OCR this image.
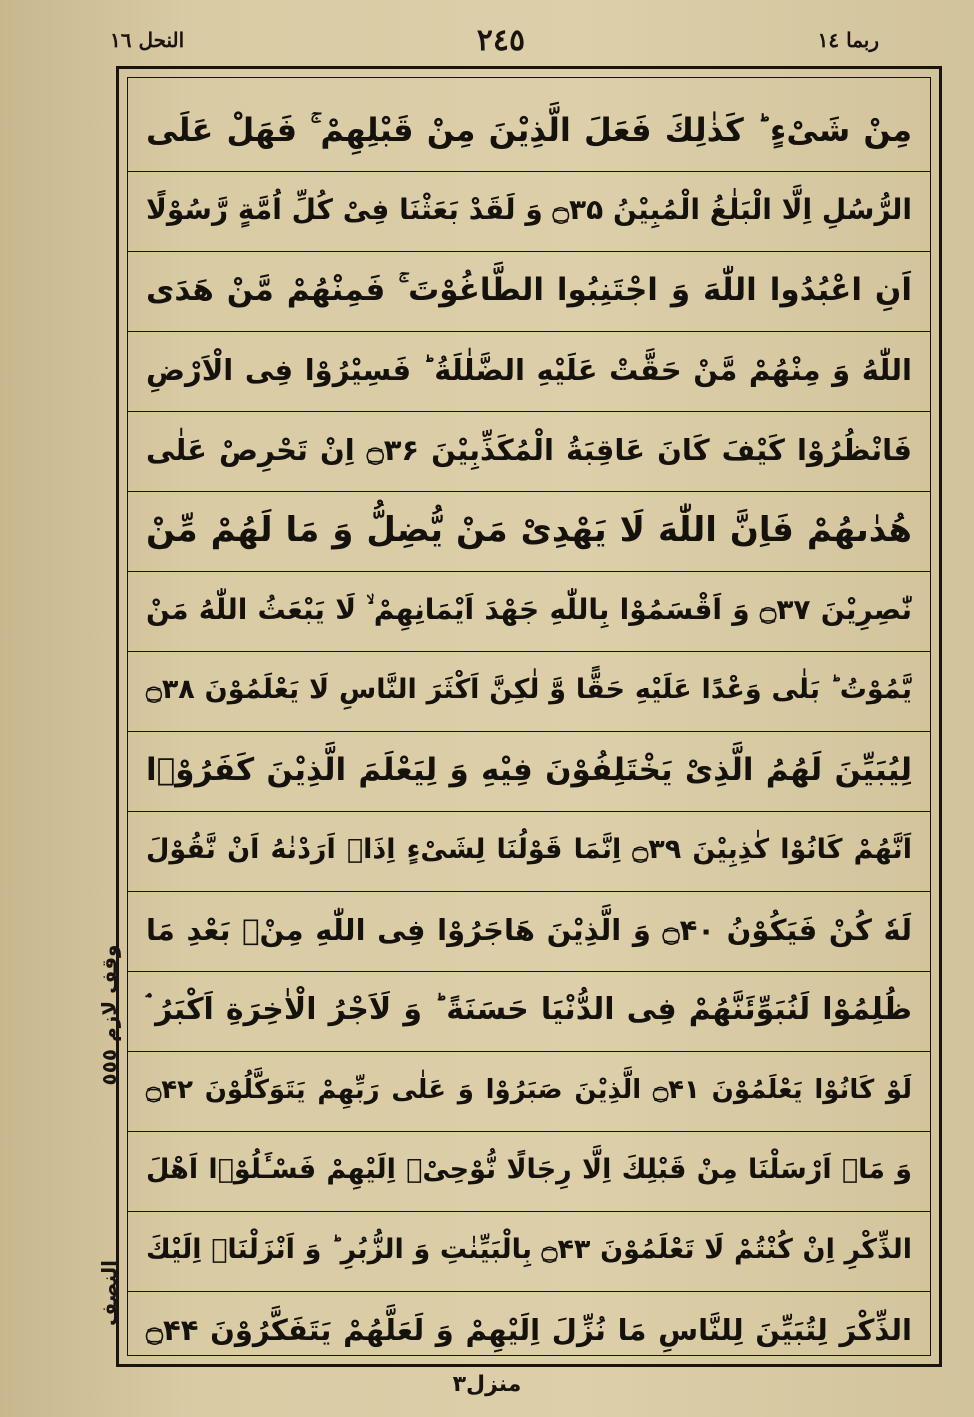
ربما ١٤
٢٤٥
النحل ١٦
مِنْ شَیْءٍ ؕ كَذٰلِكَ فَعَلَ الَّذِیْنَ مِنْ قَبْلِهِمْ ۚ فَهَلْ عَلَی
الرُّسُلِ اِلَّا الْبَلٰغُ الْمُبِیْنُ ۝۳۵ وَ لَقَدْ بَعَثْنَا فِیْ كُلِّ اُمَّةٍ رَّسُوْلًا
اَنِ اعْبُدُوا اللّٰهَ وَ اجْتَنِبُوا الطَّاغُوْتَ ۚ فَمِنْهُمْ مَّنْ هَدَی
اللّٰهُ وَ مِنْهُمْ مَّنْ حَقَّتْ عَلَیْهِ الضَّلٰلَةُ ؕ فَسِیْرُوْا فِی الْاَرْضِ
فَانْظُرُوْا كَیْفَ كَانَ عَاقِبَةُ الْمُكَذِّبِیْنَ ۝۳۶ اِنْ تَحْرِصْ عَلٰی
هُدٰىهُمْ فَاِنَّ اللّٰهَ لَا یَهْدِیْ مَنْ یُّضِلُّ وَ مَا لَهُمْ مِّنْ
نّٰصِرِیْنَ ۝۳۷ وَ اَقْسَمُوْا بِاللّٰهِ جَهْدَ اَیْمَانِهِمْ ۙ لَا یَبْعَثُ اللّٰهُ مَنْ
یَّمُوْتُ ؕ بَلٰی وَعْدًا عَلَیْهِ حَقًّا وَّ لٰكِنَّ اَكْثَرَ النَّاسِ لَا یَعْلَمُوْنَ ۝۳۸
لِیُبَیِّنَ لَهُمُ الَّذِیْ یَخْتَلِفُوْنَ فِیْهِ وَ لِیَعْلَمَ الَّذِیْنَ كَفَرُوْۤا
اَنَّهُمْ كَانُوْا كٰذِبِیْنَ ۝۳۹ اِنَّمَا قَوْلُنَا لِشَیْءٍ اِذَاۤ اَرَدْنٰهُ اَنْ نَّقُوْلَ
لَهٗ كُنْ فَیَكُوْنُ ۝۴۰ وَ الَّذِیْنَ هَاجَرُوْا فِی اللّٰهِ مِنْۢ بَعْدِ مَا
ظُلِمُوْا لَنُبَوِّئَنَّهُمْ فِی الدُّنْیَا حَسَنَةً ؕ وَ لَاَجْرُ الْاٰخِرَةِ اَكْبَرُ ۘ
لَوْ كَانُوْا یَعْلَمُوْنَ ۝۴۱ الَّذِیْنَ صَبَرُوْا وَ عَلٰی رَبِّهِمْ یَتَوَكَّلُوْنَ ۝۴۲
وَ مَاۤ اَرْسَلْنَا مِنْ قَبْلِكَ اِلَّا رِجَالًا نُّوْحِیْۤ اِلَیْهِمْ فَسْـَٔلُوْۤا اَهْلَ
الذِّكْرِ اِنْ كُنْتُمْ لَا تَعْلَمُوْنَ ۝۴۳ بِالْبَیِّنٰتِ وَ الزُّبُرِ ؕ وَ اَنْزَلْنَاۤ اِلَیْكَ
الذِّكْرَ لِتُبَیِّنَ لِلنَّاسِ مَا نُزِّلَ اِلَیْهِمْ وَ لَعَلَّهُمْ یَتَفَكَّرُوْنَ ۝۴۴
وقف لازم ٥٥٥
النصف
منزل٣
